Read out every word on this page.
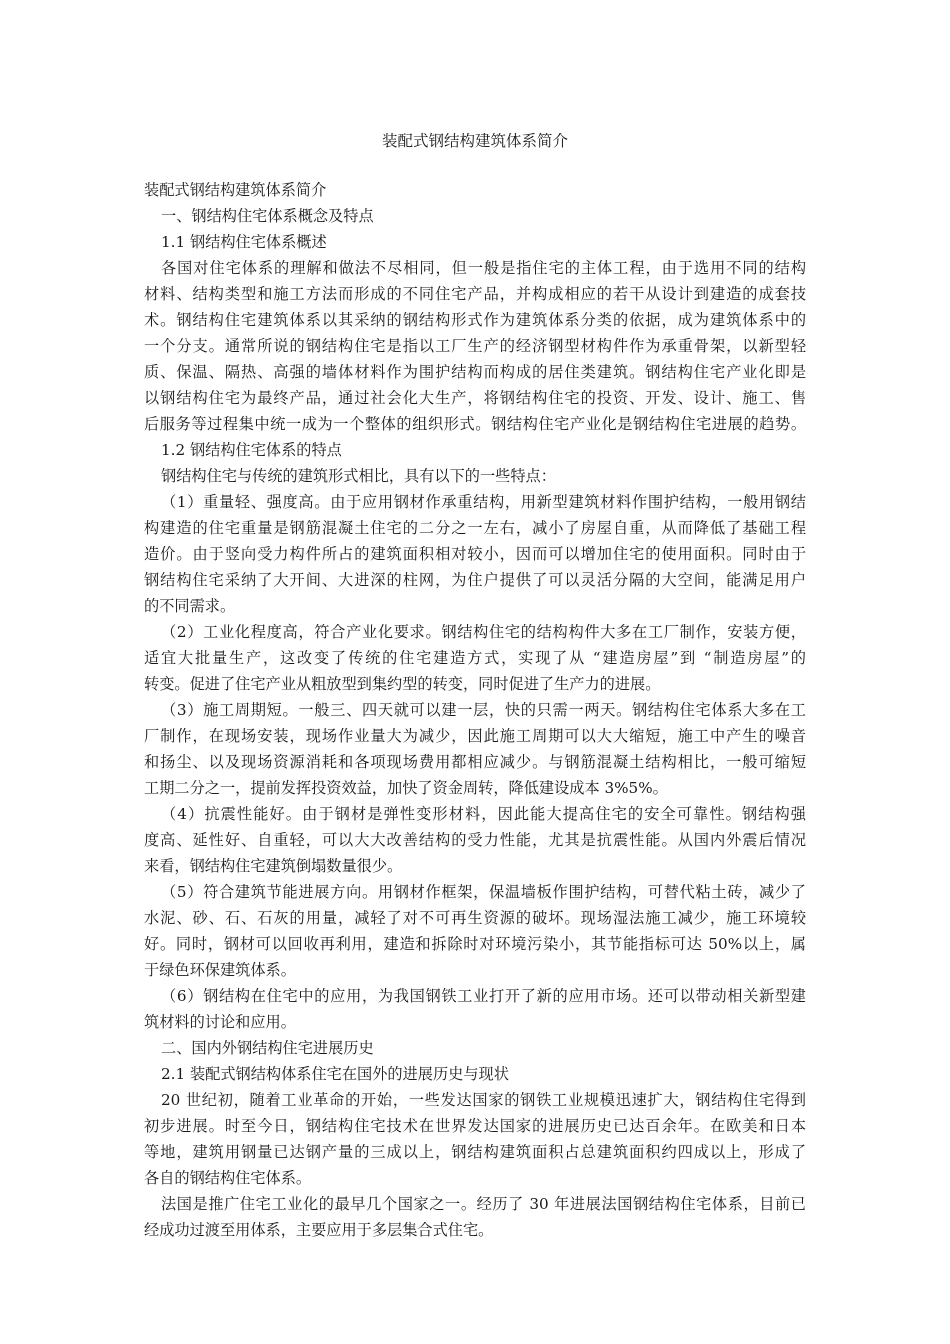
装配式钢结构建筑体系简介
装配式钢结构建筑体系简介
一、钢结构住宅体系概念及特点
1.1 钢结构住宅体系概述
各国对住宅体系的理解和做法不尽相同，但一般是指住宅的主体工程，由于选用不同的结构
材料、结构类型和施工方法而形成的不同住宅产品，并构成相应的若干从设计到建造的成套技
术。钢结构住宅建筑体系以其采纳的钢结构形式作为建筑体系分类的依据，成为建筑体系中的
一个分支。通常所说的钢结构住宅是指以工厂生产的经济钢型材构件作为承重骨架，以新型轻
质、保温、隔热、高强的墙体材料作为围护结构而构成的居住类建筑。钢结构住宅产业化即是
以钢结构住宅为最终产品，通过社会化大生产，将钢结构住宅的投资、开发、设计、施工、售
后服务等过程集中统一成为一个整体的组织形式。钢结构住宅产业化是钢结构住宅进展的趋势。
1.2 钢结构住宅体系的特点
钢结构住宅与传统的建筑形式相比，具有以下的一些特点：
（1）重量轻、强度高。由于应用钢材作承重结构，用新型建筑材料作围护结构，一般用钢结
构建造的住宅重量是钢筋混凝土住宅的二分之一左右，减小了房屋自重，从而降低了基础工程
造价。由于竖向受力构件所占的建筑面积相对较小，因而可以增加住宅的使用面积。同时由于
钢结构住宅采纳了大开间、大进深的柱网，为住户提供了可以灵活分隔的大空间，能满足用户
的不同需求。
（2）工业化程度高，符合产业化要求。钢结构住宅的结构构件大多在工厂制作，安装方便，
适宜大批量生产，这改变了传统的住宅建造方式，实现了从 “建造房屋”到 “制造房屋”的
转变。促进了住宅产业从粗放型到集约型的转变，同时促进了生产力的进展。
（3）施工周期短。一般三、四天就可以建一层，快的只需一两天。钢结构住宅体系大多在工
厂制作，在现场安装，现场作业量大为减少，因此施工周期可以大大缩短，施工中产生的噪音
和扬尘、以及现场资源消耗和各项现场费用都相应减少。与钢筋混凝土结构相比，一般可缩短
工期二分之一，提前发挥投资效益，加快了资金周转，降低建设成本 3%5%。
（4）抗震性能好。由于钢材是弹性变形材料，因此能大提高住宅的安全可靠性。钢结构强
度高、延性好、自重轻，可以大大改善结构的受力性能，尤其是抗震性能。从国内外震后情况
来看，钢结构住宅建筑倒塌数量很少。
（5）符合建筑节能进展方向。用钢材作框架，保温墙板作围护结构，可替代粘土砖，减少了
水泥、砂、石、石灰的用量，减轻了对不可再生资源的破坏。现场湿法施工减少，施工环境较
好。同时，钢材可以回收再利用，建造和拆除时对环境污染小，其节能指标可达 50%以上，属
于绿色环保建筑体系。
（6）钢结构在住宅中的应用，为我国钢铁工业打开了新的应用市场。还可以带动相关新型建
筑材料的讨论和应用。
二、国内外钢结构住宅进展历史
2.1 装配式钢结构体系住宅在国外的进展历史与现状
20 世纪初，随着工业革命的开始，一些发达国家的钢铁工业规模迅速扩大，钢结构住宅得到
初步进展。时至今日，钢结构住宅技术在世界发达国家的进展历史已达百余年。在欧美和日本
等地，建筑用钢量已达钢产量的三成以上，钢结构建筑面积占总建筑面积约四成以上，形成了
各自的钢结构住宅体系。
法国是推广住宅工业化的最早几个国家之一。经历了 30 年进展法国钢结构住宅体系，目前已
经成功过渡至用体系，主要应用于多层集合式住宅。
